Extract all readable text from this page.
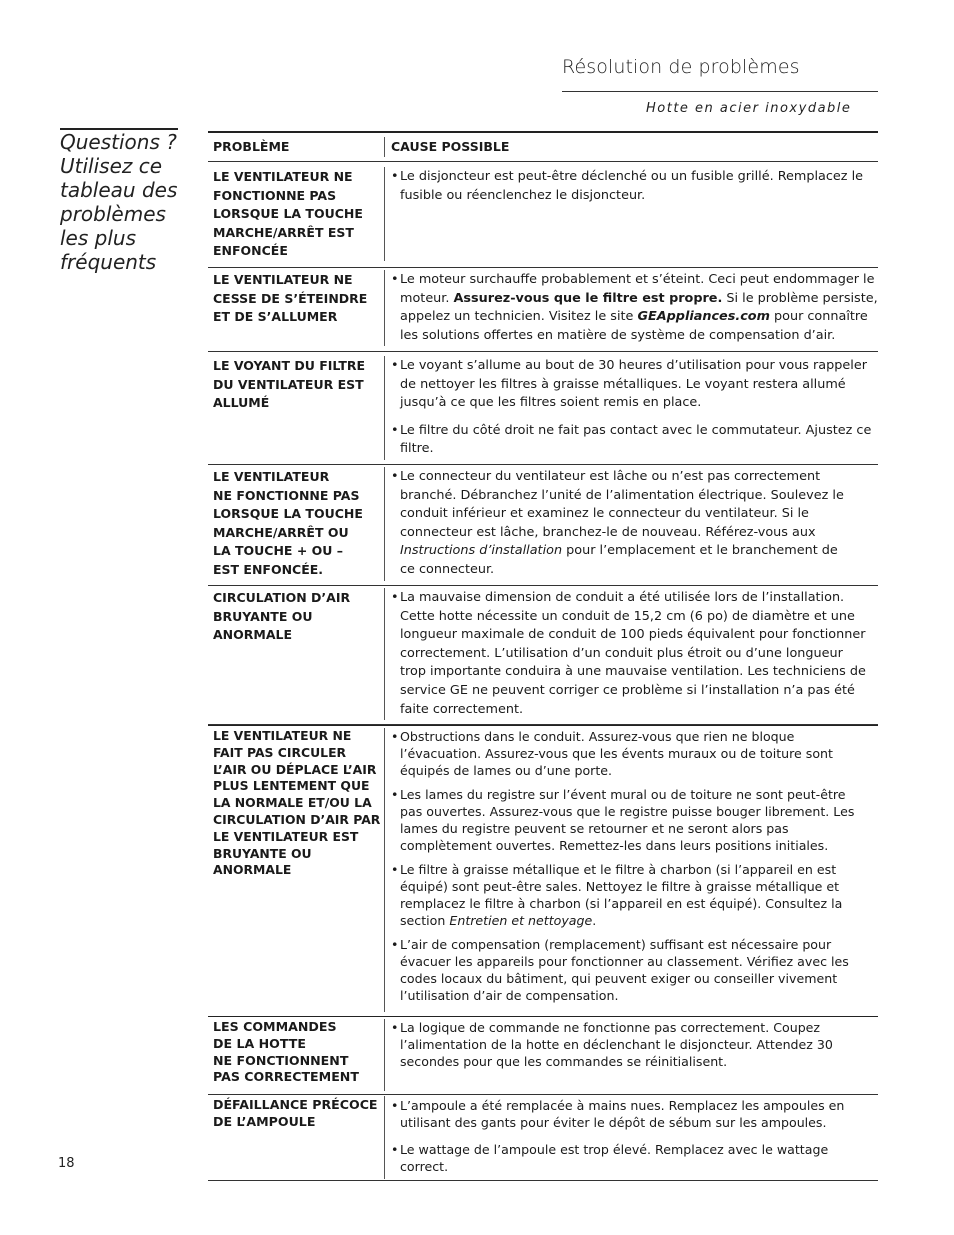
Résolution de problèmes
Hotte en acier inoxydable
Questions ?
Utilisez ce
tableau des
problèmes
les plus
fréquents
PROBLÈME	CAUSE POSSIBLE
LE VENTILATEUR NE FONCTIONNE PAS LORSQUE LA TOUCHE MARCHE/ARRÊT EST ENFONCÉE

• Le disjoncteur est peut-être déclenché ou un fusible grillé. Remplacez le fusible ou réenclenchez le disjoncteur.

LE VENTILATEUR NE CESSE DE S’ÉTEINDRE ET DE S’ALLUMER

• Le moteur surchauffe probablement et s’éteint. Ceci peut endommager le moteur. Assurez-vous que le filtre est propre. Si le problème persiste, appelez un technicien. Visitez le site GEAppliances.com pour connaître les solutions offertes en matière de système de compensation d’air.

LE VOYANT DU FILTRE DU VENTILATEUR EST ALLUMÉ

• Le voyant s’allume au bout de 30 heures d’utilisation pour vous rappeler de nettoyer les filtres à graisse métalliques. Le voyant restera allumé jusqu’à ce que les filtres soient remis en place.

• Le filtre du côté droit ne fait pas contact avec le commutateur. Ajustez ce filtre.

LE VENTILATEUR
NE FONCTIONNE PAS
LORSQUE LA TOUCHE
MARCHE/ARRÊT OU
LA TOUCHE + OU –
EST ENFONCÉE.

• Le connecteur du ventilateur est lâche ou n’est pas correctement branché. Débranchez l’unité de l’alimentation électrique. Soulevez le conduit inférieur et examinez le connecteur du ventilateur. Si le connecteur est lâche, branchez-le de nouveau. Référez-vous aux Instructions d’installation pour l’emplacement et le branchement de ce connecteur.

CIRCULATION D’AIR BRUYANTE OU ANORMALE

• La mauvaise dimension de conduit a été utilisée lors de l’installation. Cette hotte nécessite un conduit de 15,2 cm (6 po) de diamètre et une longueur maximale de conduit de 100 pieds équivalent pour fonctionner correctement. L’utilisation d’un conduit plus étroit ou d’une longueur trop importante conduira à une mauvaise ventilation. Les techniciens de service GE ne peuvent corriger ce problème si l’installation n’a pas été faite correctement.

LE VENTILATEUR NE FAIT PAS CIRCULER L’AIR OU DÉPLACE L’AIR PLUS LENTEMENT QUE LA NORMALE ET/OU LA CIRCULATION D’AIR PAR LE VENTILATEUR EST BRUYANTE OU ANORMALE

• Obstructions dans le conduit. Assurez-vous que rien ne bloque l’évacuation. Assurez-vous que les évents muraux ou de toiture sont équipés de lames ou d’une porte.

• Les lames du registre sur l’évent mural ou de toiture ne sont peut-être pas ouvertes. Assurez-vous que le registre puisse bouger librement. Les lames du registre peuvent se retourner et ne seront alors pas complètement ouvertes. Remettez-les dans leurs positions initiales.

• Le filtre à graisse métallique et le filtre à charbon (si l’appareil en est équipé) sont peut-être sales. Nettoyez le filtre à graisse métallique et remplacez le filtre à charbon (si l’appareil en est équipé). Consultez la section Entretien et nettoyage.

• L’air de compensation (remplacement) suffisant est nécessaire pour évacuer les appareils pour fonctionner au classement. Vérifiez avec les codes locaux du bâtiment, qui peuvent exiger ou conseiller vivement l’utilisation d’air de compensation.

LES COMMANDES
DE LA HOTTE
NE FONCTIONNENT
PAS CORRECTEMENT

• La logique de commande ne fonctionne pas correctement. Coupez l’alimentation de la hotte en déclenchant le disjoncteur. Attendez 30 secondes pour que les commandes se réinitialisent.

DÉFAILLANCE PRÉCOCE DE L’AMPOULE

• L’ampoule a été remplacée à mains nues. Remplacez les ampoules en utilisant des gants pour éviter le dépôt de sébum sur les ampoules.

• Le wattage de l’ampoule est trop élevé. Remplacez avec le wattage correct.

18
